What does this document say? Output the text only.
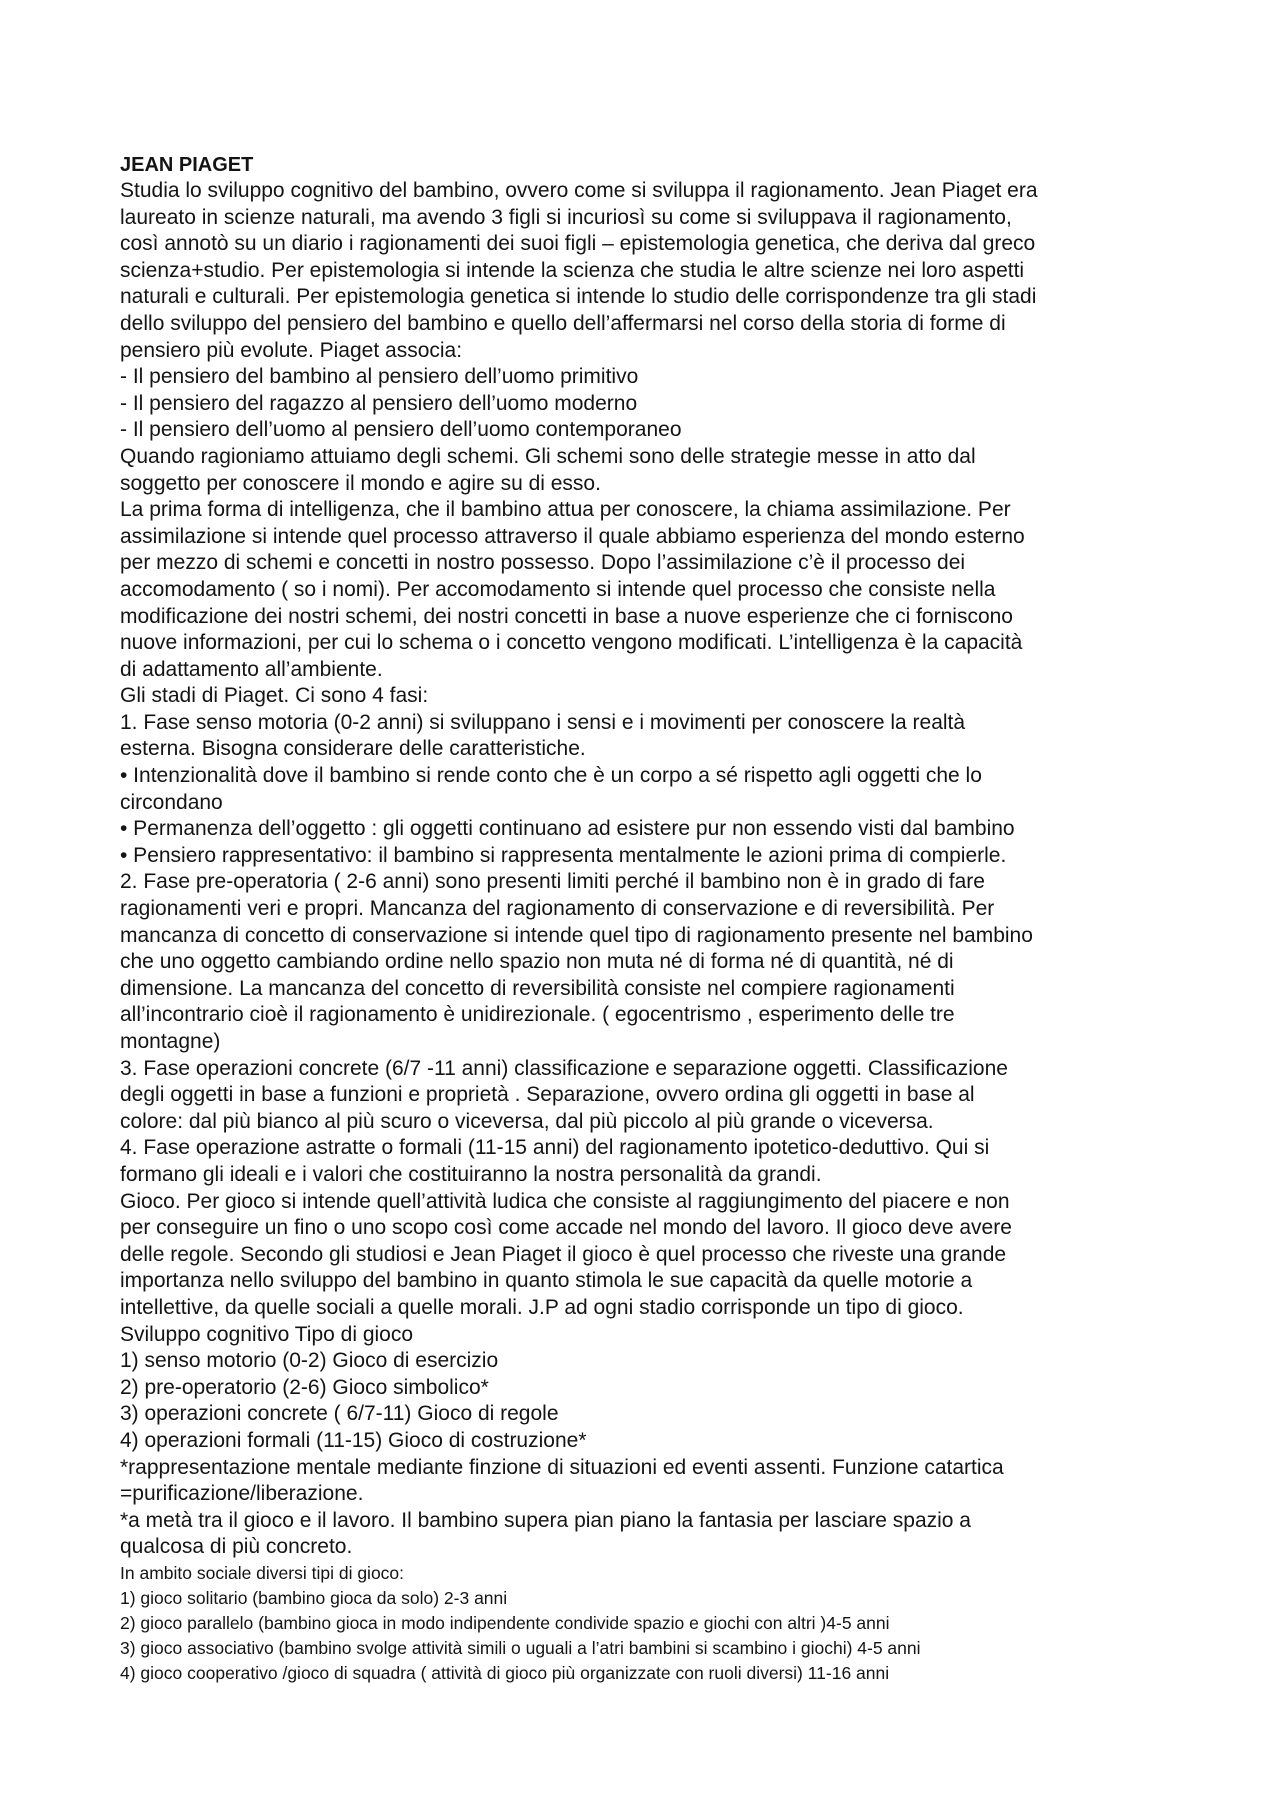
JEAN PIAGET
Studia lo sviluppo cognitivo del bambino, ovvero come si sviluppa il ragionamento. Jean Piaget era
laureato in scienze naturali, ma avendo 3 figli si incuriosì su come si sviluppava il ragionamento,
così annotò su un diario i ragionamenti dei suoi figli – epistemologia genetica, che deriva dal greco
scienza+studio. Per epistemologia si intende la scienza che studia le altre scienze nei loro aspetti
naturali e culturali. Per epistemologia genetica si intende lo studio delle corrispondenze tra gli stadi
dello sviluppo del pensiero del bambino e quello dell’affermarsi nel corso della storia di forme di
pensiero più evolute. Piaget associa:
- Il pensiero del bambino al pensiero dell’uomo primitivo
- Il pensiero del ragazzo al pensiero dell’uomo moderno
- Il pensiero dell’uomo al pensiero dell’uomo contemporaneo
Quando ragioniamo attuiamo degli schemi. Gli schemi sono delle strategie messe in atto dal
soggetto per conoscere il mondo e agire su di esso.
La prima forma di intelligenza, che il bambino attua per conoscere, la chiama assimilazione. Per
assimilazione si intende quel processo attraverso il quale abbiamo esperienza del mondo esterno
per mezzo di schemi e concetti in nostro possesso. Dopo l’assimilazione c’è il processo dei
accomodamento ( so i nomi). Per accomodamento si intende quel processo che consiste nella
modificazione dei nostri schemi, dei nostri concetti in base a nuove esperienze che ci forniscono
nuove informazioni, per cui lo schema o i concetto vengono modificati. L’intelligenza è la capacità
di adattamento all’ambiente.
Gli stadi di Piaget. Ci sono 4 fasi:
1. Fase senso motoria (0-2 anni) si sviluppano i sensi e i movimenti per conoscere la realtà
esterna. Bisogna considerare delle caratteristiche.
• Intenzionalità dove il bambino si rende conto che è un corpo a sé rispetto agli oggetti che lo
circondano
• Permanenza dell’oggetto : gli oggetti continuano ad esistere pur non essendo visti dal bambino
• Pensiero rappresentativo: il bambino si rappresenta mentalmente le azioni prima di compierle.
2. Fase pre-operatoria ( 2-6 anni) sono presenti limiti perché il bambino non è in grado di fare
ragionamenti veri e propri. Mancanza del ragionamento di conservazione e di reversibilità. Per
mancanza di concetto di conservazione si intende quel tipo di ragionamento presente nel bambino
che uno oggetto cambiando ordine nello spazio non muta né di forma né di quantità, né di
dimensione. La mancanza del concetto di reversibilità consiste nel compiere ragionamenti
all’incontrario cioè il ragionamento è unidirezionale. ( egocentrismo , esperimento delle tre
montagne)
3. Fase operazioni concrete (6/7 -11 anni) classificazione e separazione oggetti. Classificazione
degli oggetti in base a funzioni e proprietà . Separazione, ovvero ordina gli oggetti in base al
colore: dal più bianco al più scuro o viceversa, dal più piccolo al più grande o viceversa.
4. Fase operazione astratte o formali (11-15 anni) del ragionamento ipotetico-deduttivo. Qui si
formano gli ideali e i valori che costituiranno la nostra personalità da grandi.
Gioco. Per gioco si intende quell’attività ludica che consiste al raggiungimento del piacere e non
per conseguire un fino o uno scopo così come accade nel mondo del lavoro. Il gioco deve avere
delle regole. Secondo gli studiosi e Jean Piaget il gioco è quel processo che riveste una grande
importanza nello sviluppo del bambino in quanto stimola le sue capacità da quelle motorie a
intellettive, da quelle sociali a quelle morali. J.P ad ogni stadio corrisponde un tipo di gioco.
Sviluppo cognitivo Tipo di gioco
1) senso motorio (0-2) Gioco di esercizio
2) pre-operatorio (2-6) Gioco simbolico*
3) operazioni concrete ( 6/7-11) Gioco di regole
4) operazioni formali (11-15) Gioco di costruzione*
*rappresentazione mentale mediante finzione di situazioni ed eventi assenti. Funzione catartica
=purificazione/liberazione.
*a metà tra il gioco e il lavoro. Il bambino supera pian piano la fantasia per lasciare spazio a
qualcosa di più concreto.
In ambito sociale diversi tipi di gioco:
1) gioco solitario (bambino gioca da solo) 2-3 anni
2) gioco parallelo (bambino gioca in modo indipendente condivide spazio e giochi con altri )4-5 anni
3) gioco associativo (bambino svolge attività simili o uguali a l’atri bambini si scambino i giochi) 4-5 anni
4) gioco cooperativo /gioco di squadra ( attività di gioco più organizzate con ruoli diversi) 11-16 anni
